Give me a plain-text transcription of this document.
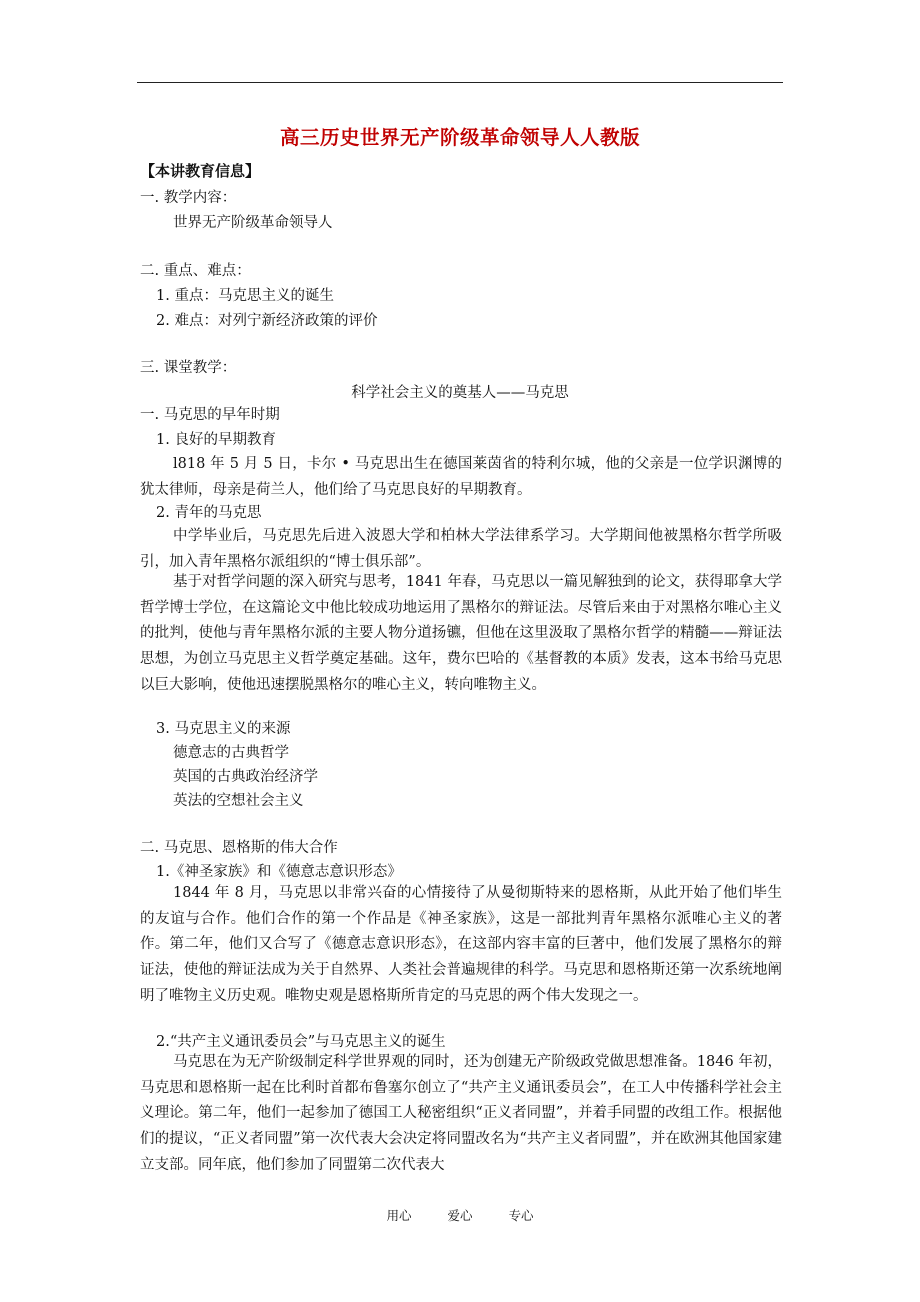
高三历史世界无产阶级革命领导人人教版
【本讲教育信息】
一. 教学内容：
世界无产阶级革命领导人
二. 重点、难点：
1. 重点：马克思主义的诞生
2. 难点：对列宁新经济政策的评价
三. 课堂教学：
科学社会主义的奠基人——马克思
一. 马克思的早年时期
1. 良好的早期教育
l818 年 5 月 5 日，卡尔 • 马克思出生在德国莱茵省的特利尔城，他的父亲是一位学识渊博的犹太律师，母亲是荷兰人，他们给了马克思良好的早期教育。
2. 青年的马克思
中学毕业后，马克思先后进入波恩大学和柏林大学法律系学习。大学期间他被黑格尔哲学所吸引，加入青年黑格尔派组织的“博士俱乐部”。
基于对哲学问题的深入研究与思考，1841 年春，马克思以一篇见解独到的论文，获得耶拿大学哲学博士学位，在这篇论文中他比较成功地运用了黑格尔的辩证法。尽管后来由于对黑格尔唯心主义的批判，使他与青年黑格尔派的主要人物分道扬镳，但他在这里汲取了黑格尔哲学的精髓——辩证法思想，为创立马克思主义哲学奠定基础。这年，费尔巴哈的《基督教的本质》发表，这本书给马克思以巨大影响，使他迅速摆脱黑格尔的唯心主义，转向唯物主义。
3. 马克思主义的来源
德意志的古典哲学
英国的古典政治经济学
英法的空想社会主义
二. 马克思、恩格斯的伟大合作
1.《神圣家族》和《德意志意识形态》
1844 年 8 月，马克思以非常兴奋的心情接待了从曼彻斯特来的恩格斯，从此开始了他们毕生的友谊与合作。他们合作的第一个作品是《神圣家族》，这是一部批判青年黑格尔派唯心主义的著作。第二年，他们又合写了《德意志意识形态》，在这部内容丰富的巨著中，他们发展了黑格尔的辩证法，使他的辩证法成为关于自然界、人类社会普遍规律的科学。马克思和恩格斯还第一次系统地阐明了唯物主义历史观。唯物史观是恩格斯所肯定的马克思的两个伟大发现之一。
2.“共产主义通讯委员会”与马克思主义的诞生
马克思在为无产阶级制定科学世界观的同时，还为创建无产阶级政党做思想准备。1846 年初，马克思和恩格斯一起在比利时首都布鲁塞尔创立了“共产主义通讯委员会”，在工人中传播科学社会主义理论。第二年，他们一起参加了德国工人秘密组织“正义者同盟”，并着手同盟的改组工作。根据他们的提议，“正义者同盟”第一次代表大会决定将同盟改名为“共产主义者同盟”，并在欧洲其他国家建立支部。同年底，他们参加了同盟第二次代表大
用心	爱心	专心
